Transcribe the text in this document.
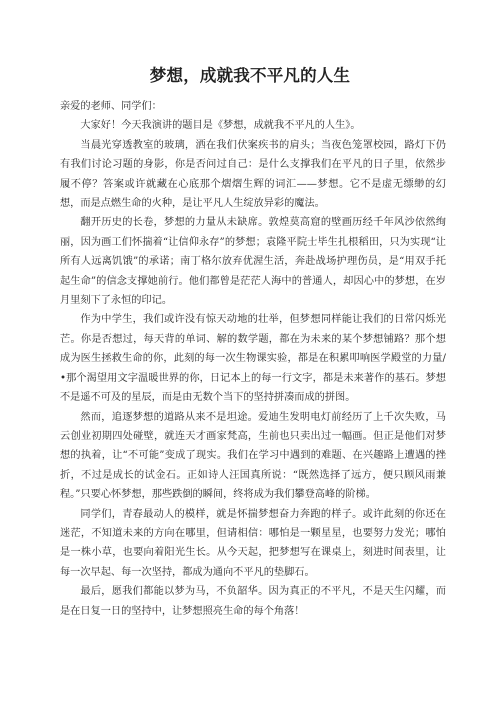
梦想，成就我不平凡的人生

亲爱的老师、同学们：

大家好！今天我演讲的题目是《梦想，成就我不平凡的人生》。

当晨光穿透教室的玻璃，洒在我们伏案疾书的肩头；当夜色笼罩校园，路灯下仍有我们讨论习题的身影，你是否问过自己：是什么支撑我们在平凡的日子里，依然步履不停？答案或许就藏在心底那个熠熠生辉的词汇——梦想。它不是虚无缥缈的幻想，而是点燃生命的火种，是让平凡人生绽放异彩的魔法。

翻开历史的长卷，梦想的力量从未缺席。敦煌莫高窟的壁画历经千年风沙依然绚丽，因为画工们怀揣着“让信仰永存”的梦想；袁隆平院士毕生扎根稻田，只为实现“让所有人远离饥饿”的承诺；南丁格尔放弃优渥生活，奔赴战场护理伤员，是“用双手托起生命”的信念支撑她前行。他们都曾是茫茫人海中的普通人，却因心中的梦想，在岁月里刻下了永恒的印记。

作为中学生，我们或许没有惊天动地的壮举，但梦想同样能让我们的日常闪烁光芒。你是否想过，每天背的单词、解的数学题，都在为未来的某个梦想铺路？那个想成为医生拯救生命的你，此刻的每一次生物课实验，都是在积累叩响医学殿堂的力量/•那个渴望用文字温暖世界的你，日记本上的每一行文字，都是未来著作的基石。梦想不是遥不可及的星辰，而是由无数个当下的坚持拼凑而成的拼图。

然而，追逐梦想的道路从来不是坦途。爱迪生发明电灯前经历了上千次失败，马云创业初期四处碰壁，就连天才画家梵高，生前也只卖出过一幅画。但正是他们对梦想的执着，让“不可能”变成了现实。我们在学习中遇到的难题、在兴趣路上遭遇的挫折，不过是成长的试金石。正如诗人汪国真所说：“既然选择了远方，便只顾风雨兼程。”只要心怀梦想，那些跌倒的瞬间，终将成为我们攀登高峰的阶梯。

同学们，青春最动人的模样，就是怀揣梦想奋力奔跑的样子。或许此刻的你还在迷茫，不知道未来的方向在哪里，但请相信：哪怕是一颗星星，也要努力发光；哪怕是一株小草，也要向着阳光生长。从今天起，把梦想写在课桌上，刻进时间表里，让每一次早起、每一次坚持，都成为通向不平凡的垫脚石。

最后，愿我们都能以梦为马，不负韶华。因为真正的不平凡，不是天生闪耀，而是在日复一日的坚持中，让梦想照亮生命的每个角落！
